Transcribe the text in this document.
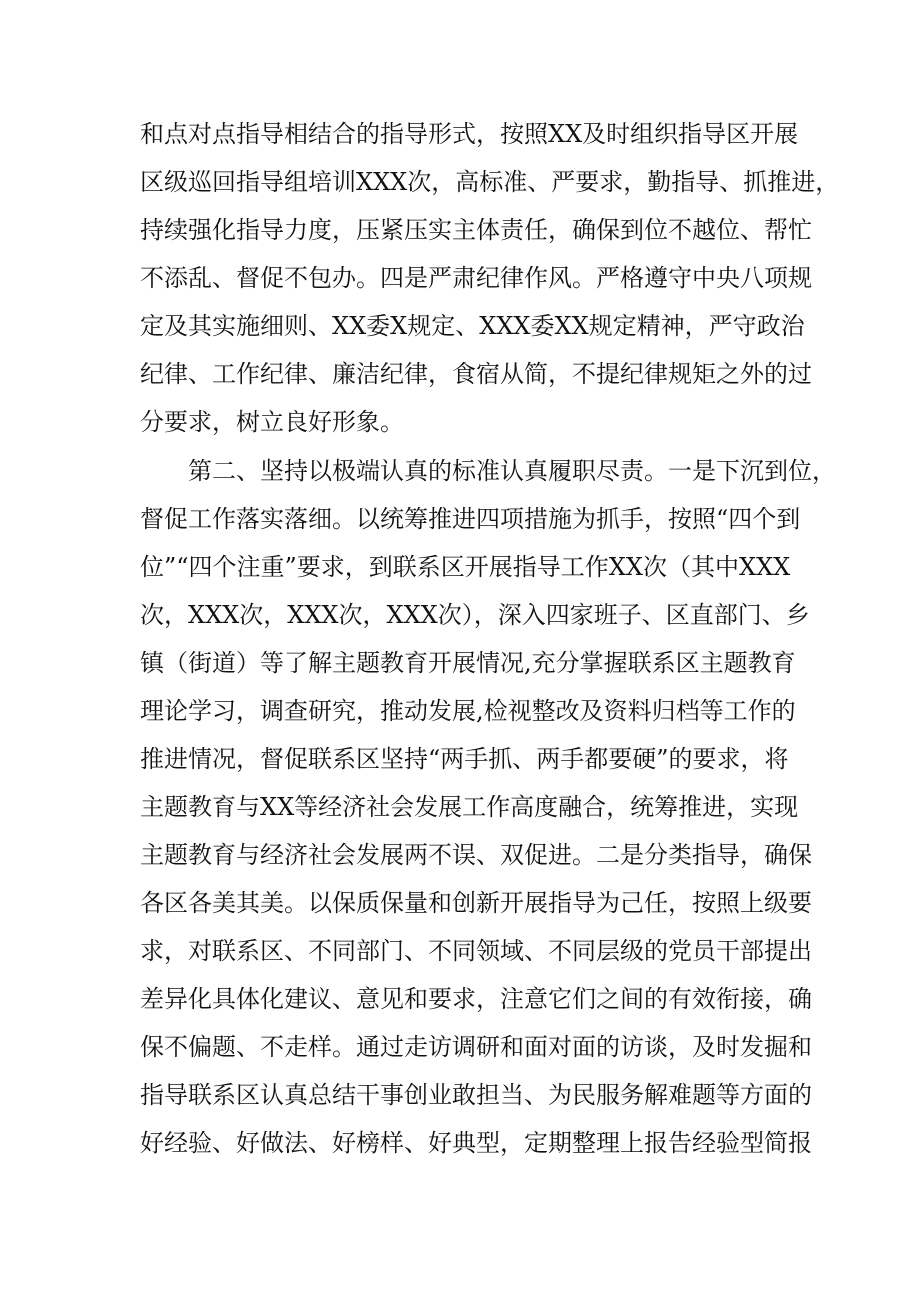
和点对点指导相结合的指导形式，按照XX及时组织指导区开展
区级巡回指导组培训XXX次，高标准、严要求，勤指导、抓推进，
持续强化指导力度，压紧压实主体责任，确保到位不越位、帮忙
不添乱、督促不包办。四是严肃纪律作风。严格遵守中央八项规
定及其实施细则、XX委X规定、XXX委XX规定精神，严守政治
纪律、工作纪律、廉洁纪律，食宿从简，不提纪律规矩之外的过
分要求，树立良好形象。
第二、坚持以极端认真的标准认真履职尽责。一是下沉到位，
督促工作落实落细。以统筹推进四项措施为抓手，按照“四个到
位”“四个注重”要求，到联系区开展指导工作XX次（其中XXX
次，XXX次，XXX次，XXX次），深入四家班子、区直部门、乡
镇（街道）等了解主题教育开展情况,充分掌握联系区主题教育
理论学习，调查研究，推动发展,检视整改及资料归档等工作的
推进情况，督促联系区坚持“两手抓、两手都要硬”的要求，将
主题教育与XX等经济社会发展工作高度融合，统筹推进，实现
主题教育与经济社会发展两不误、双促进。二是分类指导，确保
各区各美其美。以保质保量和创新开展指导为己任，按照上级要
求，对联系区、不同部门、不同领域、不同层级的党员干部提出
差异化具体化建议、意见和要求，注意它们之间的有效衔接，确
保不偏题、不走样。通过走访调研和面对面的访谈，及时发掘和
指导联系区认真总结干事创业敢担当、为民服务解难题等方面的
好经验、好做法、好榜样、好典型，定期整理上报告经验型简报
